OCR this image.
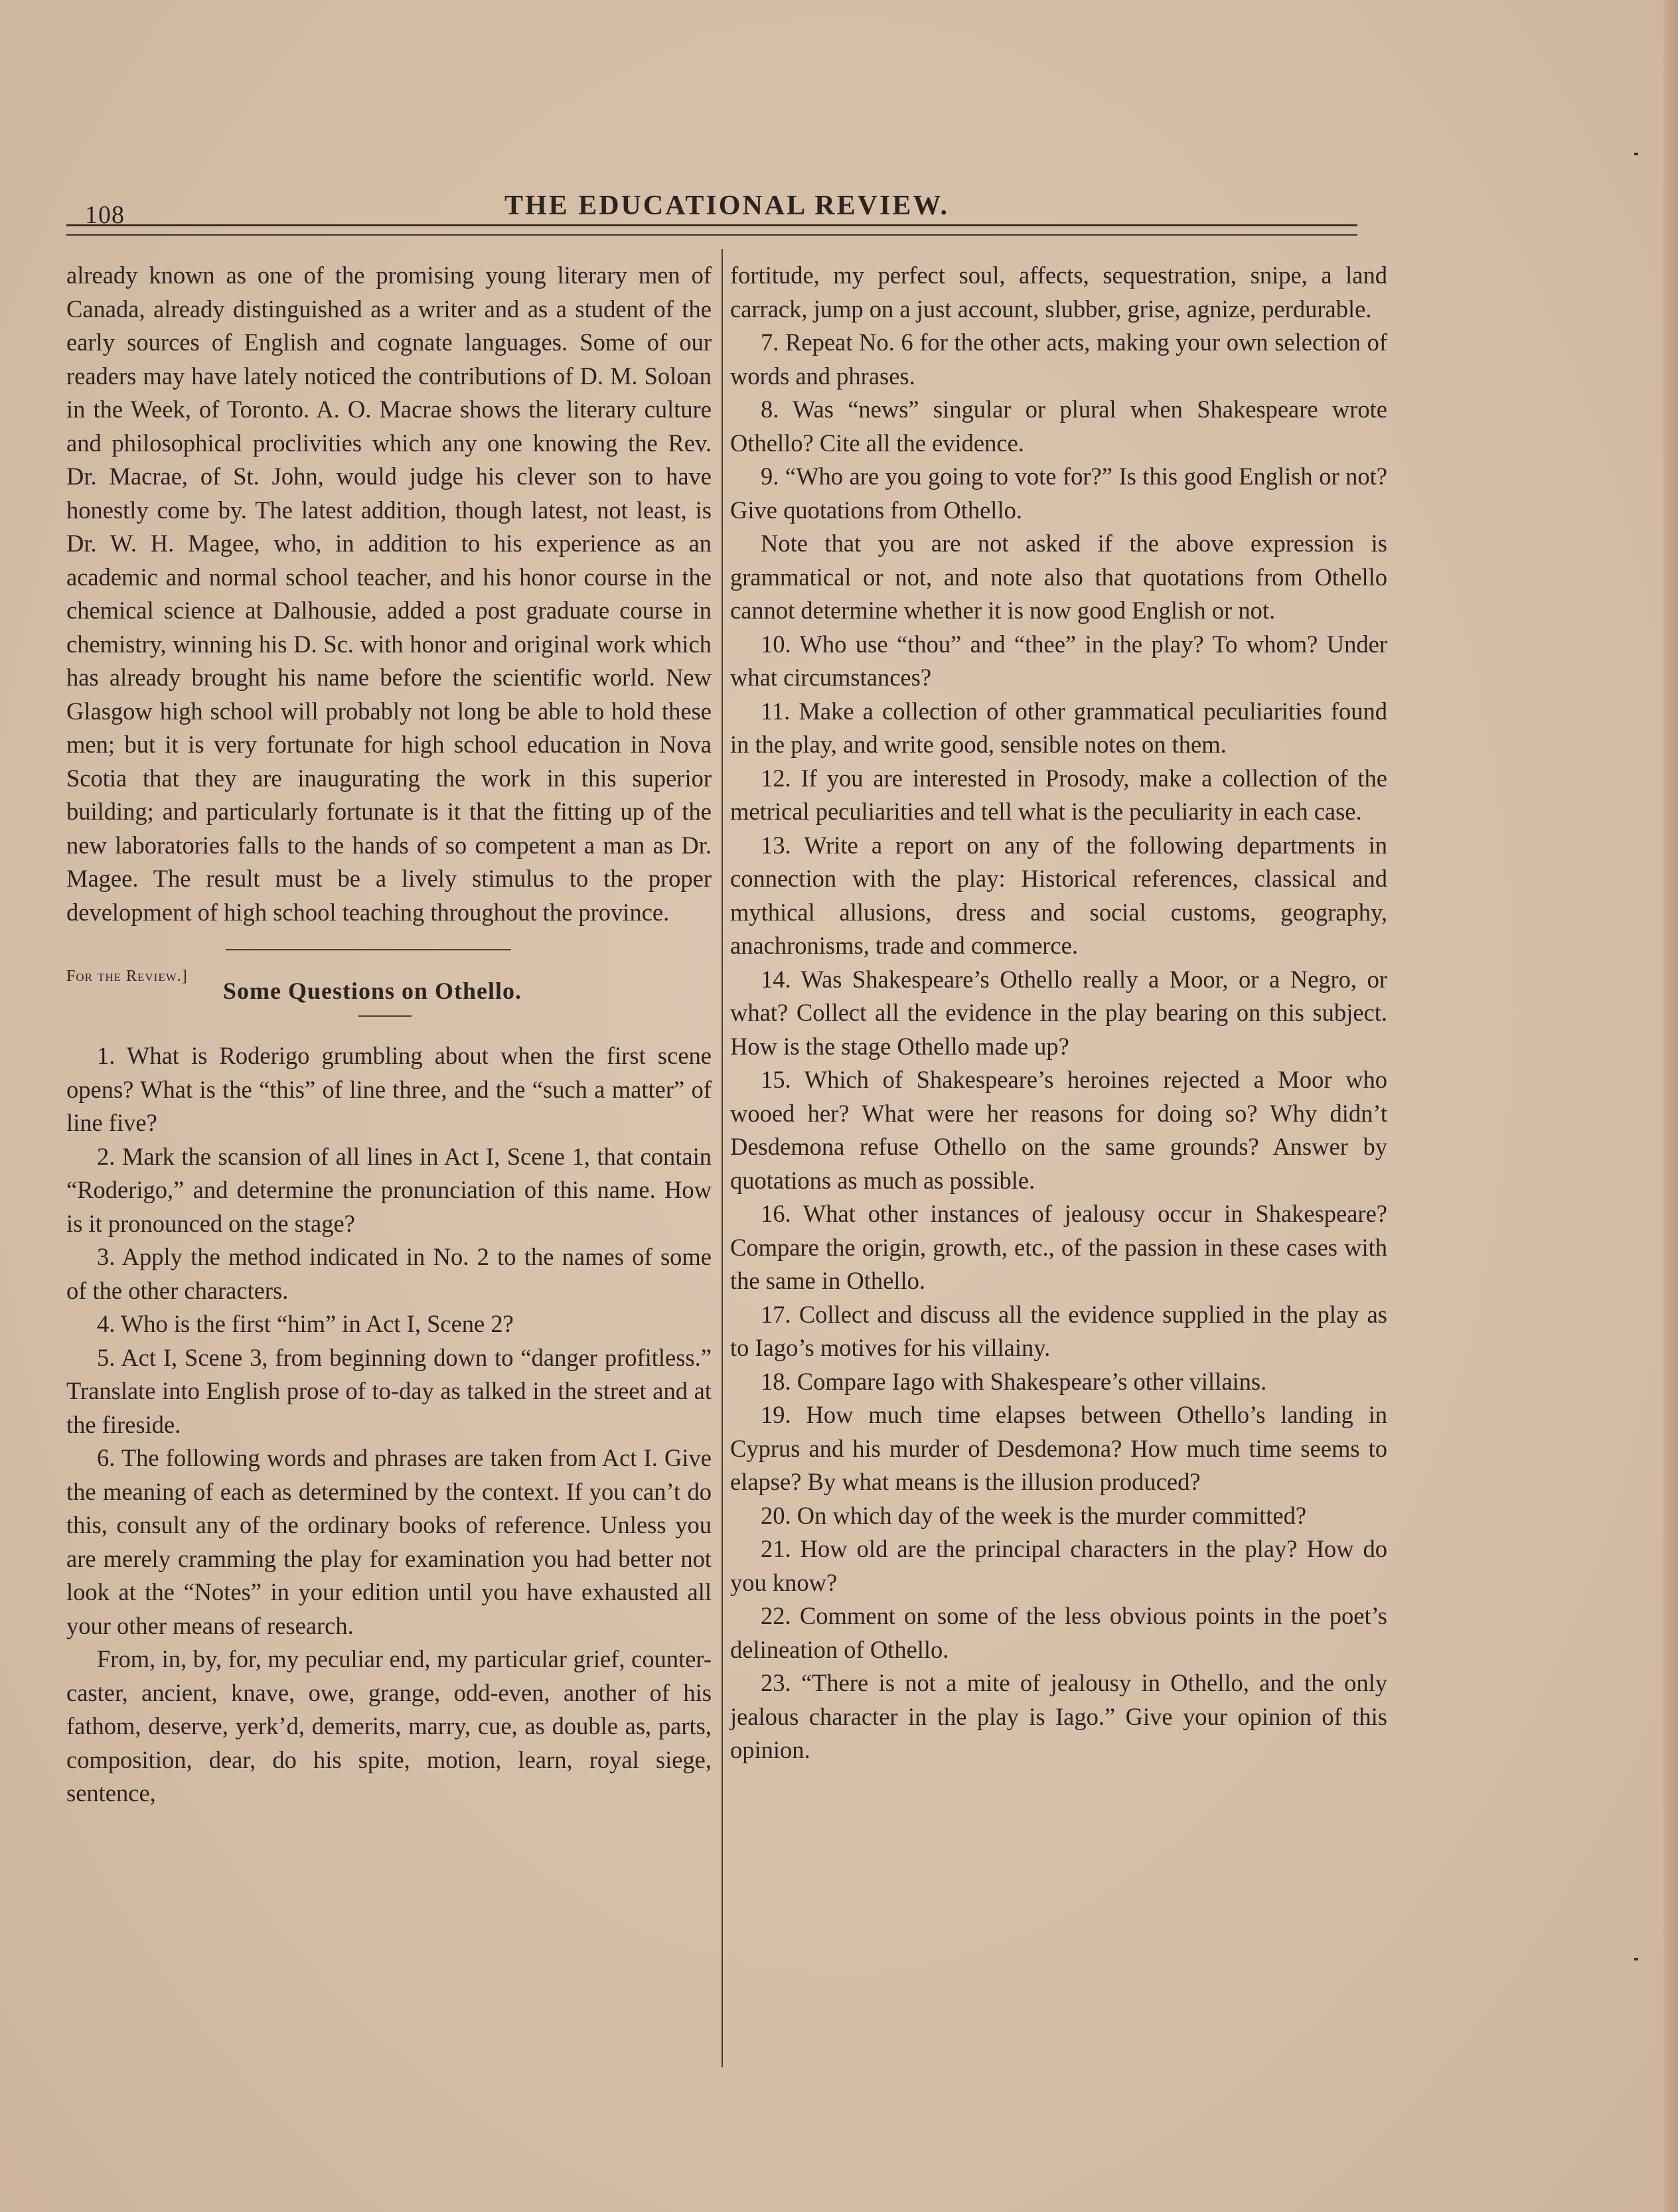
108	THE EDUCATIONAL REVIEW.

already known as one of the promising young literary men of Canada, already distinguished as a writer and as a student of the early sources of English and cognate languages. Some of our readers may have lately noticed the contributions of D. M. Soloan in the Week, of Toronto. A. O. Macrae shows the literary culture and philosophical proclivities which any one knowing the Rev. Dr. Macrae, of St. John, would judge his clever son to have honestly come by. The latest addition, though latest, not least, is Dr. W. H. Magee, who, in addition to his experience as an academic and normal school teacher, and his honor course in the chemical science at Dalhousie, added a post graduate course in chemistry, winning his D. Sc. with honor and original work which has already brought his name before the scientific world. New Glasgow high school will probably not long be able to hold these men; but it is very fortunate for high school education in Nova Scotia that they are inaugurating the work in this superior building; and particularly fortunate is it that the fitting up of the new laboratories falls to the hands of so competent a man as Dr. Magee. The result must be a lively stimulus to the proper development of high school teaching throughout the province.

For the Review.]
Some Questions on Othello.

1. What is Roderigo grumbling about when the first scene opens? What is the “this” of line three, and the “such a matter” of line five?

2. Mark the scansion of all lines in Act I, Scene 1, that contain “Roderigo,” and determine the pronunciation of this name. How is it pronounced on the stage?

3. Apply the method indicated in No. 2 to the names of some of the other characters.

4. Who is the first “him” in Act I, Scene 2?

5. Act I, Scene 3, from beginning down to “danger profitless.” Translate into English prose of to-day as talked in the street and at the fireside.

6. The following words and phrases are taken from Act I. Give the meaning of each as determined by the context. If you can’t do this, consult any of the ordinary books of reference. Unless you are merely cramming the play for examination you had better not look at the “Notes” in your edition until you have exhausted all your other means of research.

From, in, by, for, my peculiar end, my particular grief, counter-caster, ancient, knave, owe, grange, odd-even, another of his fathom, deserve, yerk’d, demerits, marry, cue, as double as, parts, composition, dear, do his spite, motion, learn, royal siege, sentence,

fortitude, my perfect soul, affects, sequestration, snipe, a land carrack, jump on a just account, slubber, grise, agnize, perdurable.

7. Repeat No. 6 for the other acts, making your own selection of words and phrases.

8. Was “news” singular or plural when Shakespeare wrote Othello? Cite all the evidence.

9. “Who are you going to vote for?” Is this good English or not? Give quotations from Othello.

Note that you are not asked if the above expression is grammatical or not, and note also that quotations from Othello cannot determine whether it is now good English or not.

10. Who use “thou” and “thee” in the play? To whom? Under what circumstances?

11. Make a collection of other grammatical peculiarities found in the play, and write good, sensible notes on them.

12. If you are interested in Prosody, make a collection of the metrical peculiarities and tell what is the peculiarity in each case.

13. Write a report on any of the following departments in connection with the play: Historical references, classical and mythical allusions, dress and social customs, geography, anachronisms, trade and commerce.

14. Was Shakespeare’s Othello really a Moor, or a Negro, or what? Collect all the evidence in the play bearing on this subject. How is the stage Othello made up?

15. Which of Shakespeare’s heroines rejected a Moor who wooed her? What were her reasons for doing so? Why didn’t Desdemona refuse Othello on the same grounds? Answer by quotations as much as possible.

16. What other instances of jealousy occur in Shakespeare? Compare the origin, growth, etc., of the passion in these cases with the same in Othello.

17. Collect and discuss all the evidence supplied in the play as to Iago’s motives for his villainy.

18. Compare Iago with Shakespeare’s other villains.

19. How much time elapses between Othello’s landing in Cyprus and his murder of Desdemona? How much time seems to elapse? By what means is the illusion produced?

20. On which day of the week is the murder committed?

21. How old are the principal characters in the play? How do you know?

22. Comment on some of the less obvious points in the poet’s delineation of Othello.

23. “There is not a mite of jealousy in Othello, and the only jealous character in the play is Iago.” Give your opinion of this opinion.
